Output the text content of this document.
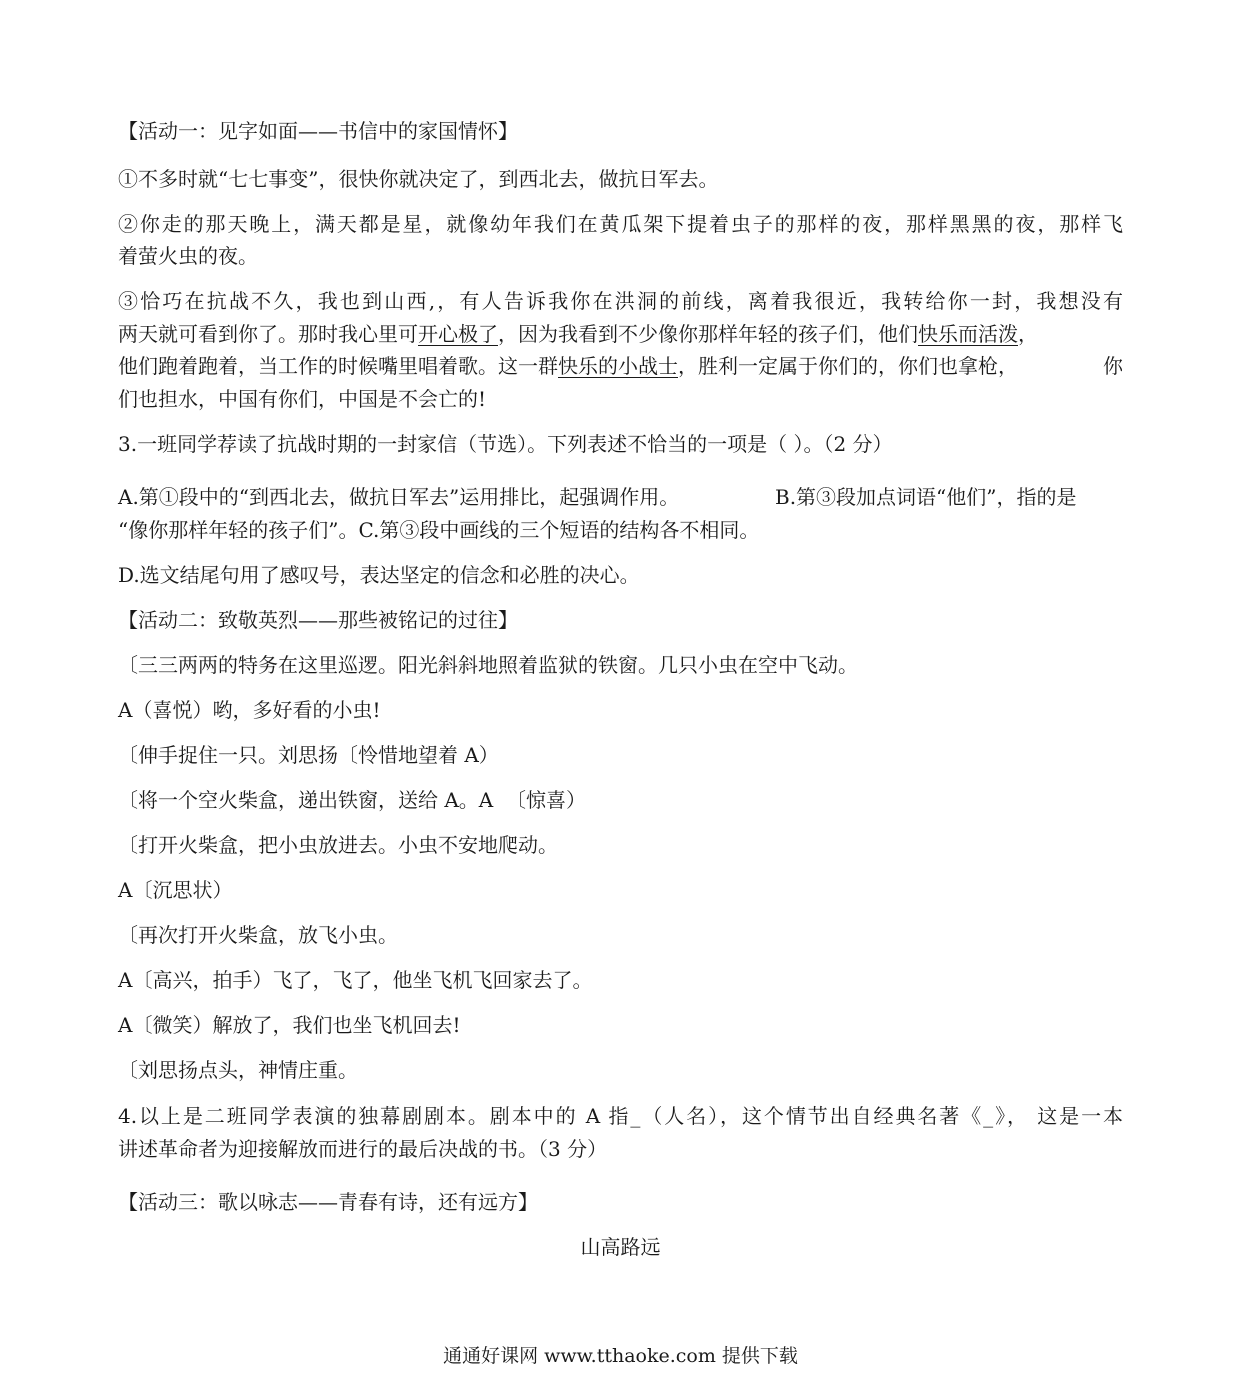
【活动一：见字如面——书信中的家国情怀】

①不多时就“七七事变”，很快你就决定了，到西北去，做抗日军去。

②你走的那天晚上，满天都是星，就像幼年我们在黄瓜架下提着虫子的那样的夜，那样黑黑的夜，那样飞

着萤火虫的夜。

③恰巧在抗战不久，我也到山西,，有人告诉我你在洪洞的前线，离着我很近，我转给你一封，我想没有

两天就可看到你了。那时我心里可开心极了，因为我看到不少像你那样年轻的孩子们，他们快乐而活泼，

他们跑着跑着，当工作的时候嘴里唱着歌。这一群快乐的小战士，胜利一定属于你们的，你们也拿枪，	你

们也担水，中国有你们，中国是不会亡的!

3.一班同学荐读了抗战时期的一封家信（节选）。下列表述不恰当的一项是（ ）。（2 分）

A.第①段中的“到西北去，做抗日军去”运用排比，起强调作用。	B.第③段加点词语“他们”，指的是

“像你那样年轻的孩子们”。C.第③段中画线的三个短语的结构各不相同。

D.选文结尾句用了感叹号，表达坚定的信念和必胜的决心。

【活动二：致敬英烈——那些被铭记的过往】

〔三三两两的特务在这里巡逻。阳光斜斜地照着监狱的铁窗。几只小虫在空中飞动。

A（喜悦）哟，多好看的小虫!

〔伸手捉住一只。刘思扬〔怜惜地望着 A）

〔将一个空火柴盒，递出铁窗，送给 A。A  〔惊喜）

〔打开火柴盒，把小虫放进去。小虫不安地爬动。

A〔沉思状）

〔再次打开火柴盒，放飞小虫。

A〔高兴，拍手）飞了，飞了，他坐飞机飞回家去了。

A〔微笑）解放了，我们也坐飞机回去!

〔刘思扬点头，神情庄重。

4.以上是二班同学表演的独幕剧剧本。剧本中的 A 指_（人名），这个情节出自经典名著《_》， 这是一本

讲述革命者为迎接解放而进行的最后决战的书。（3 分）

【活动三：歌以咏志——青春有诗，还有远方】

山高路远

通通好课网 www.tthaoke.com 提供下载
